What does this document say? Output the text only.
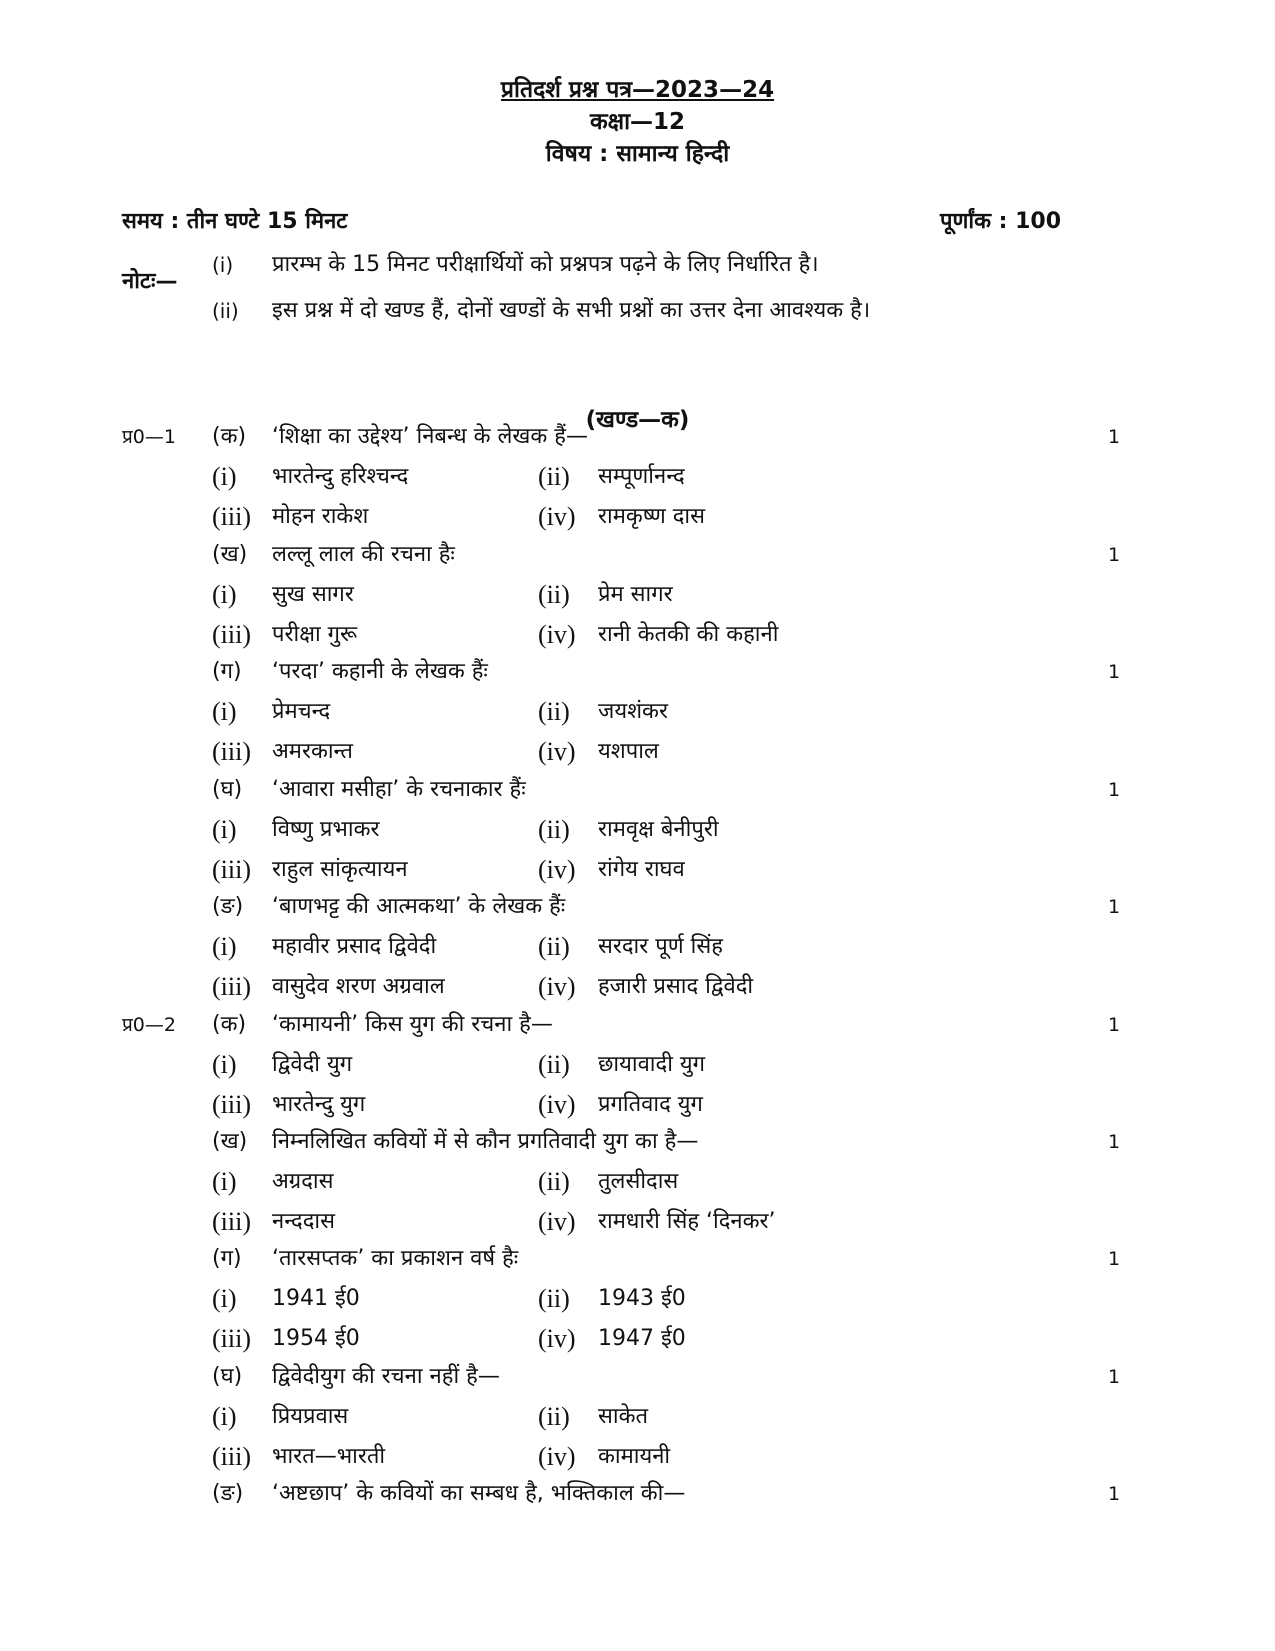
प्रतिदर्श प्रश्न पत्र—2023—24
कक्षा—12
विषय : सामान्य हिन्दी
समय : तीन घण्टे 15 मिनट	पूर्णांक : 100
नोटः—
(i) प्रारम्भ के 15 मिनट परीक्षार्थियों को प्रश्नपत्र पढ़ने के लिए निर्धारित है।
(ii) इस प्रश्न में दो खण्ड हैं, दोनों खण्डों के सभी प्रश्नों का उत्तर देना आवश्यक है।
(खण्ड—क)
प्र0—1 (क) ‘शिक्षा का उद्देश्य’ निबन्ध के लेखक हैं—	1
(i) भारतेन्दु हरिश्चन्द	(ii) सम्पूर्णानन्द
(iii) मोहन राकेश	(iv) रामकृष्ण दास
(ख) लल्लू लाल की रचना हैः	1
(i) सुख सागर	(ii) प्रेम सागर
(iii) परीक्षा गुरू	(iv) रानी केतकी की कहानी
(ग) ‘परदा’ कहानी के लेखक हैंः	1
(i) प्रेमचन्द	(ii) जयशंकर
(iii) अमरकान्त	(iv) यशपाल
(घ) ‘आवारा मसीहा’ के रचनाकार हैंः	1
(i) विष्णु प्रभाकर	(ii) रामवृक्ष बेनीपुरी
(iii) राहुल सांकृत्यायन	(iv) रांगेय राघव
(ङ) ‘बाणभट्ट की आत्मकथा’ के लेखक हैंः	1
(i) महावीर प्रसाद द्विवेदी	(ii) सरदार पूर्ण सिंह
(iii) वासुदेव शरण अग्रवाल	(iv) हजारी प्रसाद द्विवेदी
प्र0—2 (क) ‘कामायनी’ किस युग की रचना है—	1
(i) द्विवेदी युग	(ii) छायावादी युग
(iii) भारतेन्दु युग	(iv) प्रगतिवाद युग
(ख) निम्नलिखित कवियों में से कौन प्रगतिवादी युग का है—	1
(i) अग्रदास	(ii) तुलसीदास
(iii) नन्ददास	(iv) रामधारी सिंह ‘दिनकर’
(ग) ‘तारसप्तक’ का प्रकाशन वर्ष हैः	1
(i) 1941 ई0	(ii) 1943 ई0
(iii) 1954 ई0	(iv) 1947 ई0
(घ) द्विवेदीयुग की रचना नहीं है—	1
(i) प्रियप्रवास	(ii) साकेत
(iii) भारत—भारती	(iv) कामायनी
(ङ) ‘अष्टछाप’ के कवियों का सम्बध है, भक्तिकाल की—	1
